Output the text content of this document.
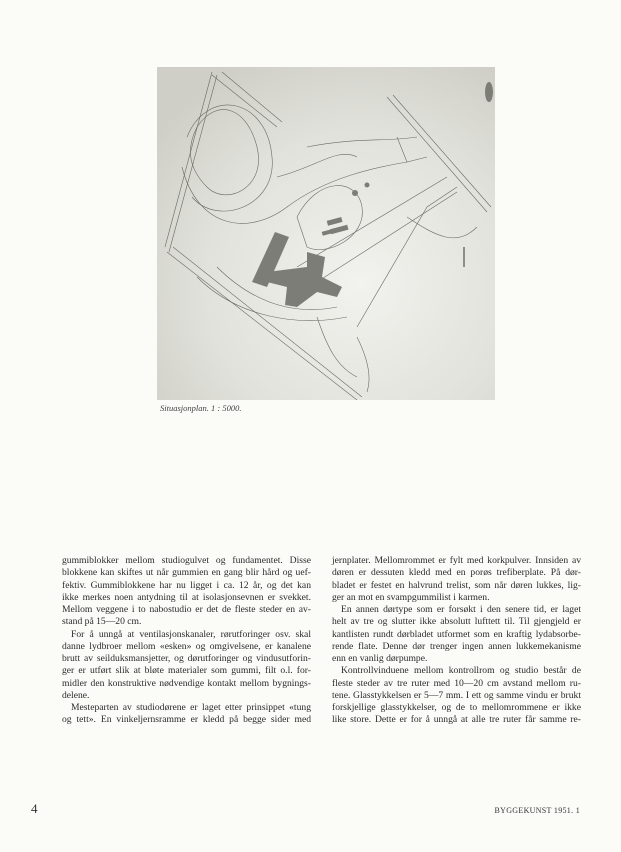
Situasjonplan. 1 : 5000.
gummiblokker mellom studiogulvet og fundamentet. Disse
blokkene kan skiftes ut når gummien en gang blir hård og uef-
fektiv. Gummiblokkene har nu ligget i ca. 12 år, og det kan
ikke merkes noen antydning til at isolasjonsevnen er svekket.
Mellom veggene i to nabostudio er det de fleste steder en av-
stand på 15—20 cm.
For å unngå at ventilasjonskanaler, rørutforinger osv. skal
danne lydbroer mellom «esken» og omgivelsene, er kanalene
brutt av seilduksmansjetter, og dørutforinger og vindusutforin-
ger er utført slik at bløte materialer som gummi, filt o.l. for-
midler den konstruktive nødvendige kontakt mellom bygnings-
delene.
Mesteparten av studiodørene er laget etter prinsippet «tung
og tett». En vinkeljernsramme er kledd på begge sider med
jernplater. Mellomrommet er fylt med korkpulver. Innsiden av
døren er dessuten kledd med en porøs trefiberplate. På dør-
bladet er festet en halvrund trelist, som når døren lukkes, lig-
ger an mot en svampgummilist i karmen.
En annen dørtype som er forsøkt i den senere tid, er laget
helt av tre og slutter ikke absolutt lufttett til. Til gjengjeld er
kantlisten rundt dørbladet utformet som en kraftig lydabsorbe-
rende flate. Denne dør trenger ingen annen lukkemekanisme
enn en vanlig dørpumpe.
Kontrollvinduene mellom kontrollrom og studio består de
fleste steder av tre ruter med 10—20 cm avstand mellom ru-
tene. Glasstykkelsen er 5—7 mm. I ett og samme vindu er brukt
forskjellige glasstykkelser, og de to mellomrommene er ikke
like store. Dette er for å unngå at alle tre ruter får samme re-
4	BYGGEKUNST 1951. 1
